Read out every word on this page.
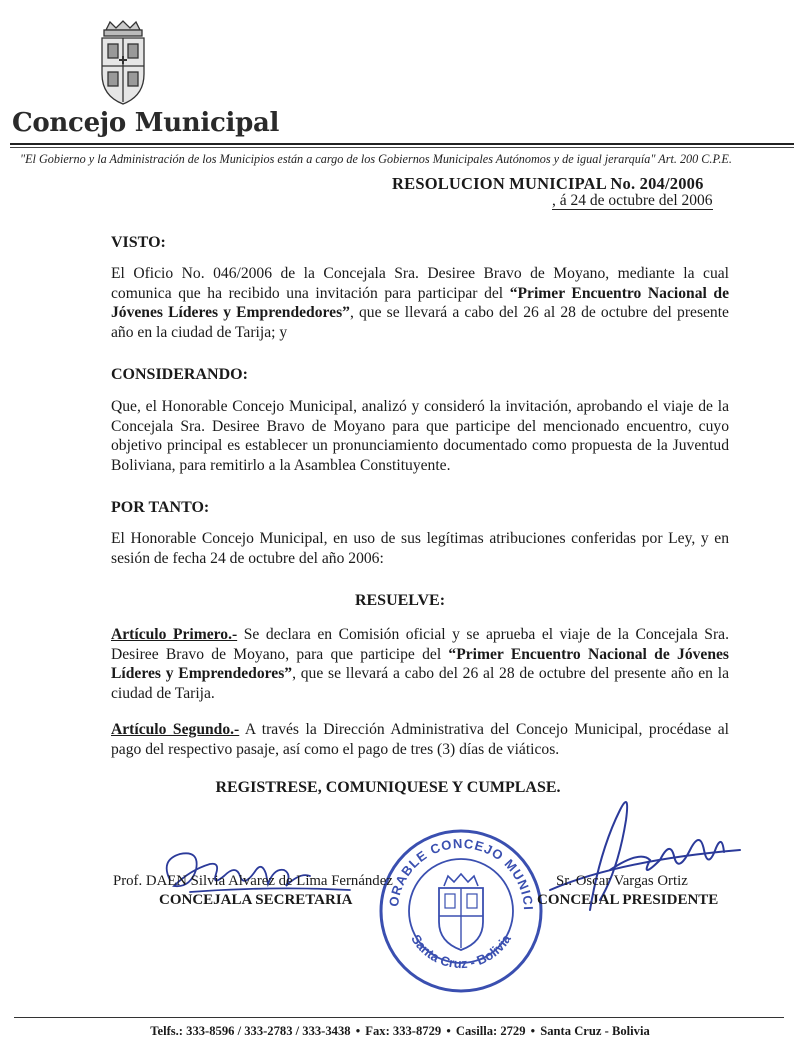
Concejo Municipal
"El Gobierno y la Administración de los Municipios están a cargo de los Gobiernos Municipales Autónomos y de igual jerarquía" Art. 200 C.P.E.
RESOLUCION MUNICIPAL No. 204/2006
, á 24 de octubre del 2006
VISTO:
El Oficio No. 046/2006 de la Concejala Sra. Desiree Bravo de Moyano, mediante la cual comunica que ha recibido una invitación para participar del “Primer Encuentro Nacional de Jóvenes Líderes y Emprendedores”, que se llevará a cabo del 26 al 28 de octubre del presente año en la ciudad de Tarija; y
CONSIDERANDO:
Que, el Honorable Concejo Municipal, analizó y consideró la invitación, aprobando el viaje de la Concejala Sra. Desiree Bravo de Moyano para que participe del mencionado encuentro, cuyo objetivo principal es establecer un pronunciamiento documentado como propuesta de la Juventud Boliviana, para remitirlo a la Asamblea Constituyente.
POR TANTO:
El Honorable Concejo Municipal, en uso de sus legítimas atribuciones conferidas por Ley, y en sesión de fecha 24 de octubre del año 2006:
RESUELVE:
Artículo Primero.- Se declara en Comisión oficial y se aprueba el viaje de la Concejala Sra. Desiree Bravo de Moyano, para que participe del “Primer Encuentro Nacional de Jóvenes Líderes y Emprendedores”, que se llevará a cabo del 26 al 28 de octubre del presente año en la ciudad de Tarija.
Artículo Segundo.- A través la Dirección Administrativa del Concejo Municipal, procédase al pago del respectivo pasaje, así como el pago de tres (3) días de viáticos.
REGISTRESE, COMUNIQUESE Y CUMPLASE.
HONORABLE CONCEJO MUNICIPAL
Santa Cruz - Bolivia
Prof. DAEN Silvia Alvarez de Lima Fernández
CONCEJALA SECRETARIA
Sr. Oscar Vargas Ortiz
CONCEJAL PRESIDENTE
Telfs.: 333-8596 / 333-2783 / 333-3438 • Fax: 333-8729 • Casilla: 2729 • Santa Cruz - Bolivia
